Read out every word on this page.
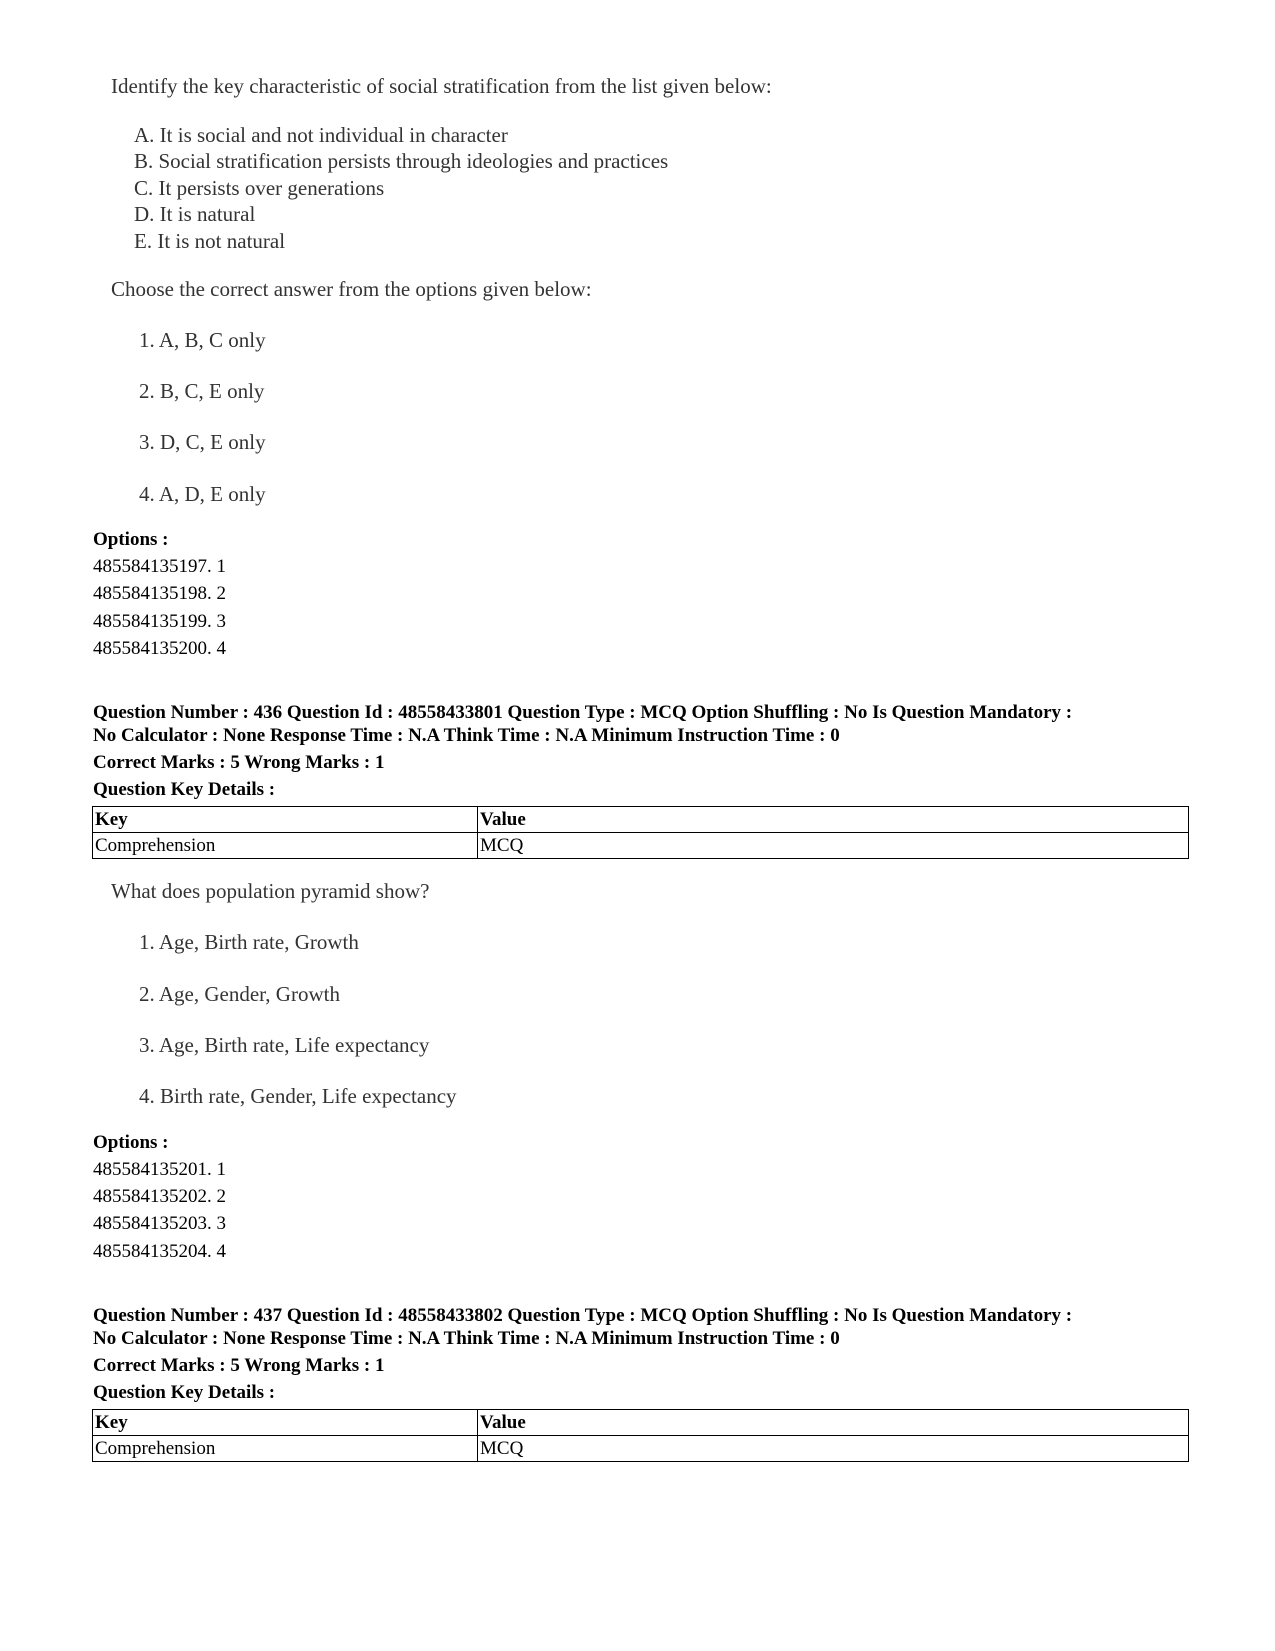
Identify the key characteristic of social stratification from the list given below:
A. It is social and not individual in character
B. Social stratification persists through ideologies and practices
C. It persists over generations
D. It is natural
E. It is not natural
Choose the correct answer from the options given below:
1. A, B, C only
2. B, C, E only
3. D, C, E only
4. A, D, E only
Options :
485584135197. 1
485584135198. 2
485584135199. 3
485584135200. 4
Question Number : 436 Question Id : 48558433801 Question Type : MCQ Option Shuffling : No Is Question Mandatory :
No Calculator : None Response Time : N.A Think Time : N.A Minimum Instruction Time : 0
Correct Marks : 5 Wrong Marks : 1
Question Key Details :
Key	Value
Comprehension	MCQ
What does population pyramid show?
1. Age, Birth rate, Growth
2. Age, Gender, Growth
3. Age, Birth rate, Life expectancy
4. Birth rate, Gender, Life expectancy
Options :
485584135201. 1
485584135202. 2
485584135203. 3
485584135204. 4
Question Number : 437 Question Id : 48558433802 Question Type : MCQ Option Shuffling : No Is Question Mandatory :
No Calculator : None Response Time : N.A Think Time : N.A Minimum Instruction Time : 0
Correct Marks : 5 Wrong Marks : 1
Question Key Details :
Key	Value
Comprehension	MCQ
